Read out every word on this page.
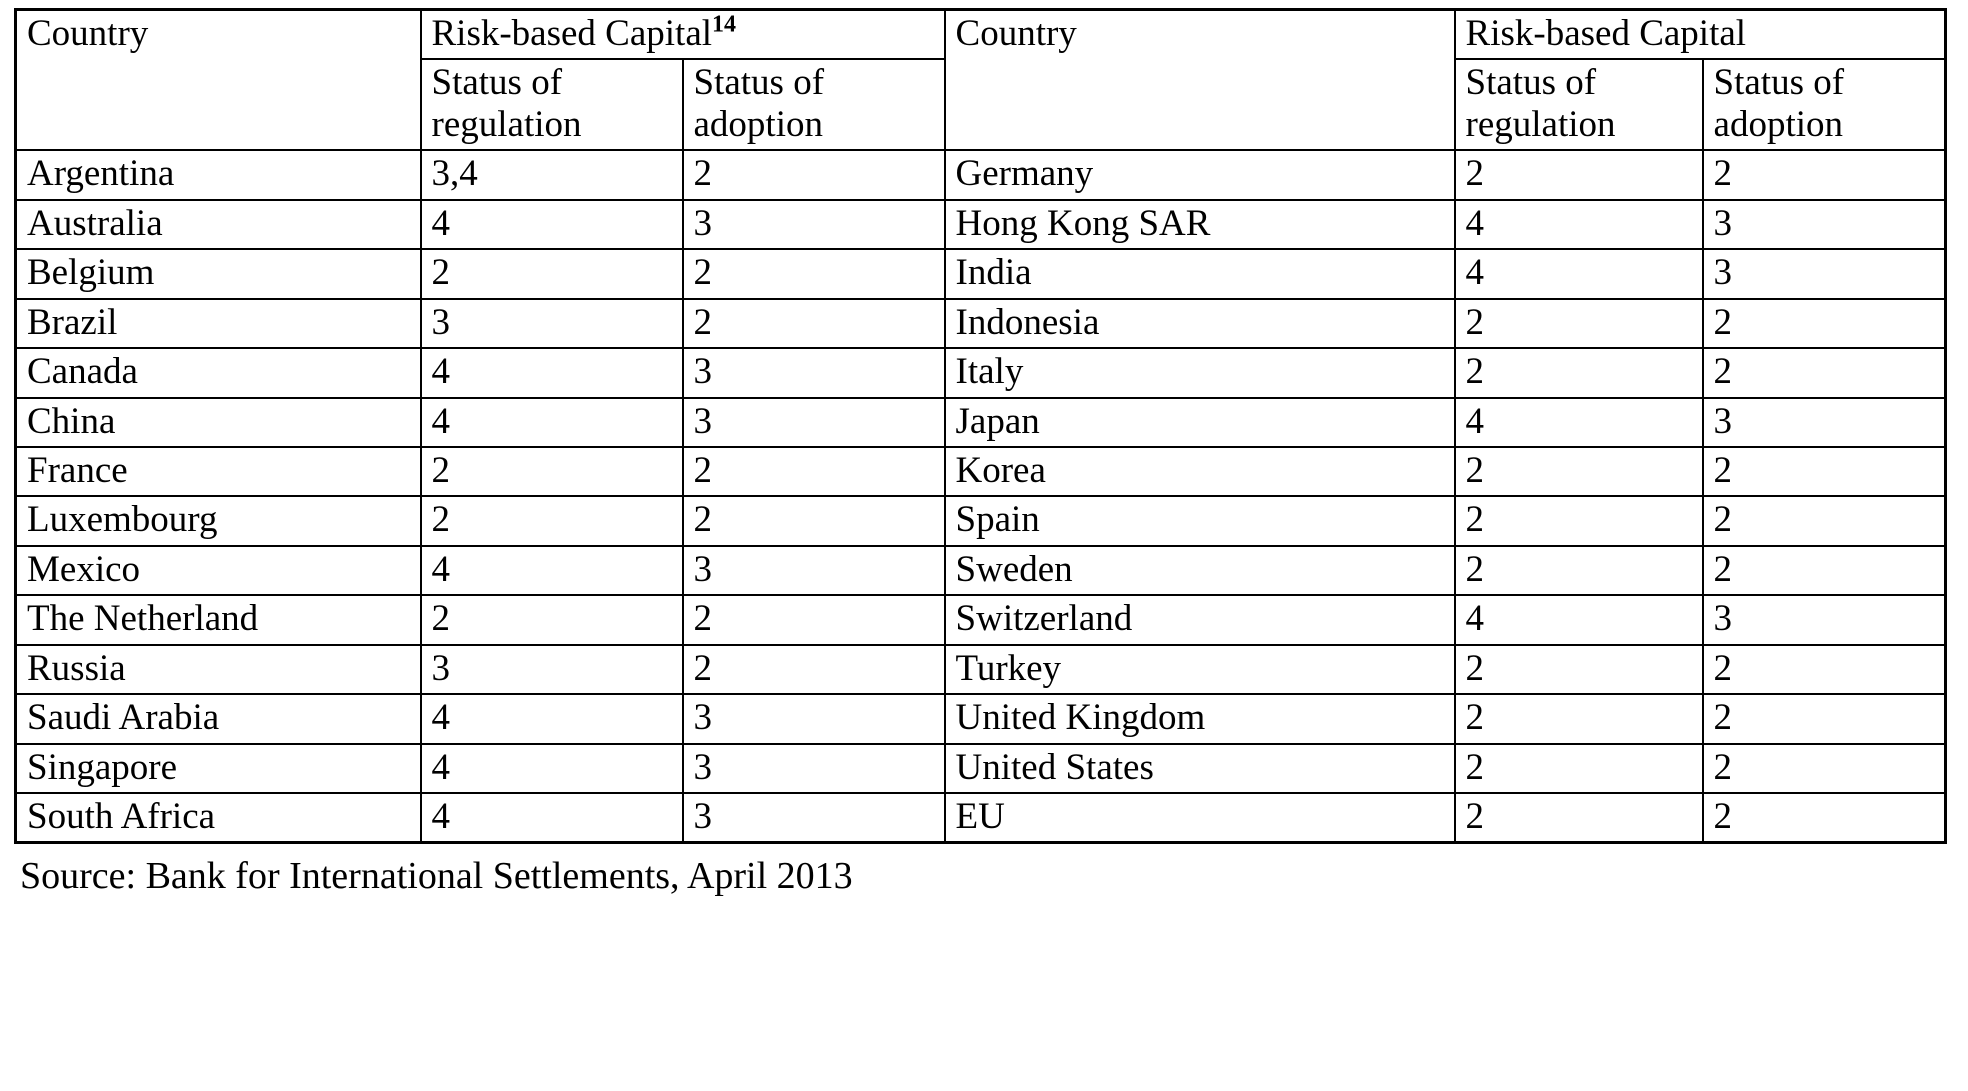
Country	Risk-based Capital$^{14}$		Country	Risk-based Capital	
	Status of regulation	Status of adoption		Status of regulation	Status of adoption
Argentina	3,4	2	Germany	2	2
Australia	4	3	Hong Kong SAR	4	3
Belgium	2	2	India	4	3
Brazil	3	2	Indonesia	2	2
Canada	4	3	Italy	2	2
China	4	3	Japan	4	3
France	2	2	Korea	2	2
Luxembourg	2	2	Spain	2	2
Mexico	4	3	Sweden	2	2
The Netherland	2	2	Switzerland	4	3
Russia	3	2	Turkey	2	2
Saudi Arabia	4	3	United Kingdom	2	2
Singapore	4	3	United States	2	2
South Africa	4	3	EU	2	2
Source: Bank for International Settlements, April 2013
